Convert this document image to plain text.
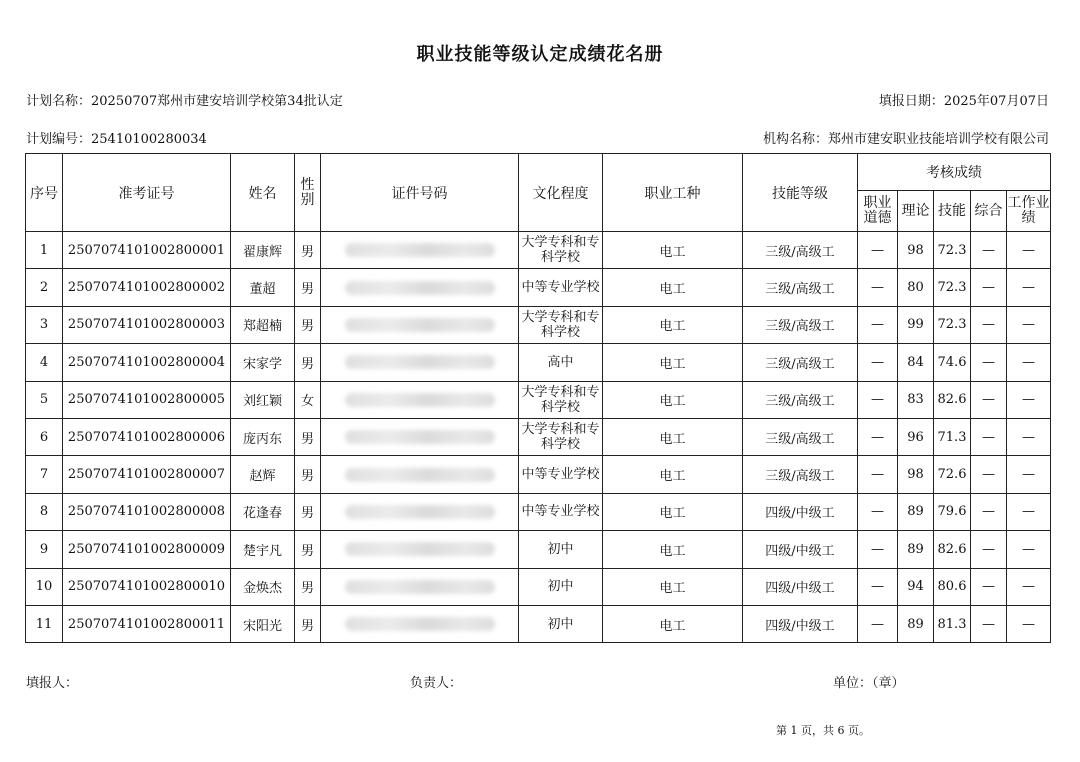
职业技能等级认定成绩花名册
计划名称：20250707郑州市建安培训学校第34批认定	填报日期：2025年07月07日
计划编号：25410100280034	机构名称：郑州市建安职业技能培训学校有限公司
序号	准考证号	姓名	性别	证件号码	文化程度	职业工种	技能等级	考核成绩				
								职业道德	理论	技能	综合	工作业绩
1	2507074101002800001	翟康辉	男		大学专科和专科学校	电工	三级/高级工	—	98	72.3	—	—
2	2507074101002800002	董超	男		中等专业学校	电工	三级/高级工	—	80	72.3	—	—
3	2507074101002800003	郑超楠	男		大学专科和专科学校	电工	三级/高级工	—	99	72.3	—	—
4	2507074101002800004	宋家学	男		高中	电工	三级/高级工	—	84	74.6	—	—
5	2507074101002800005	刘红颖	女		大学专科和专科学校	电工	三级/高级工	—	83	82.6	—	—
6	2507074101002800006	庞丙东	男		大学专科和专科学校	电工	三级/高级工	—	96	71.3	—	—
7	2507074101002800007	赵辉	男		中等专业学校	电工	三级/高级工	—	98	72.6	—	—
8	2507074101002800008	花逢春	男		中等专业学校	电工	四级/中级工	—	89	79.6	—	—
9	2507074101002800009	楚宇凡	男		初中	电工	四级/中级工	—	89	82.6	—	—
10	2507074101002800010	金焕杰	男		初中	电工	四级/中级工	—	94	80.6	—	—
11	2507074101002800011	宋阳光	男		初中	电工	四级/中级工	—	89	81.3	—	—
填报人：	负责人：	单位：（章）
第 1 页，共 6 页。
